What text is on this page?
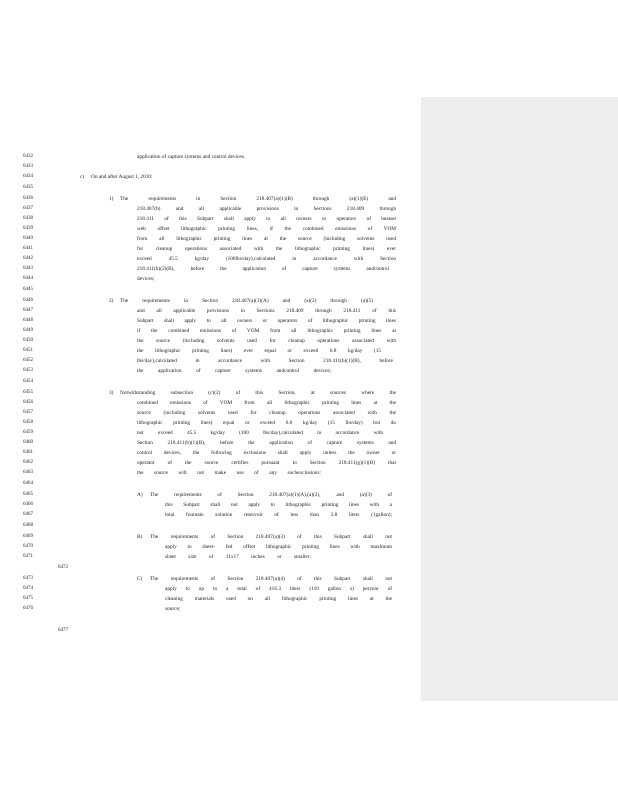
6432	application of capture systems and control devices.
6433
6434	c) On and after August 1, 2010:
6435
6436	1) The requirements in Section 218.407(a)(1)(B) through (a)(1)(E) and
6437	218.407(b) and all applicable provisions in Sections 218.409 through
6438	218.411 of this Subpart shall apply to all owners or operators of heatset
6439	web offset lithographic printing lines, if the combined emissions of VOM
6440	from all lithographic printing lines at the source (including solvents used
6441	for cleanup operations associated with the lithographic printing lines) ever
6442	exceed 45.5 kg/day (100lbs/day),calculated in accordance with Section
6443	218.411(b)(2)(B), before the application of capture systems andcontrol
6444	devices;
6445
6446	2) The requirements in Section 218.407(a)(1)(A) and (a)(2) through (a)(5)
6447	and all applicable provisions in Sections 218.409 through 218.411 of this
6448	Subpart shall apply to all owners or operators of lithographic printing lines
6449	if the combined emissions of VOM from all lithographic printing lines at
6450	the source (including solvents used for cleanup operations associated with
6451	the lithographic printing lines) ever equal or exceed 6.8 kg/day (15
6452	lbs/day),calculated in accordance with Section 218.411(b)(1)(B), before
6453	the application of capture systems andcontrol devices;
6454
6455	3) Notwithstanding subsection (c)(2) of this Section, at sources where the
6456	combined emissions of VOM from all lithographic printing lines at the
6457	source (including solvents used for cleanup operations associated with the
6458	lithographic printing lines) equal or exceed 6.8 kg/day (15 lbs/day) but do
6459	not exceed 45.5 kg/day (100 lbs/day),calculated in accordance with
6460	Section 218.411(b)(1)(B), before the application of capture systems and
6461	control devices, the following exclusions shall apply unless the owner or
6462	operator of the source certifies pursuant to Section 218.411(g)(1)(B) that
6463	the source will not make use of any suchexclusions:
6464
6465	A) The requirements of Section 218.407(a)(1)(A),(a)(2), and (a)(3) of
6466	this Subpart shall not apply to lithographic printing lines with a
6467	total fountain solution reservoir of less than 3.8 liters (1gallon);
6468
6469	B) The requirements of Section 218.407(a)(3) of this Subpart shall not
6470	apply to sheet- fed offset lithographic printing lines with maximum
6471	sheet size of 11x17 inches or smaller;
6472
6473	C) The requirements of Section 218.407(a)(4) of this Subpart shall not
6474	apply to up to a total of 416.3 liters (110 gallon s) peryear of
6475	cleaning materials used on all lithographic printing lines at the
6476	source;
6477
